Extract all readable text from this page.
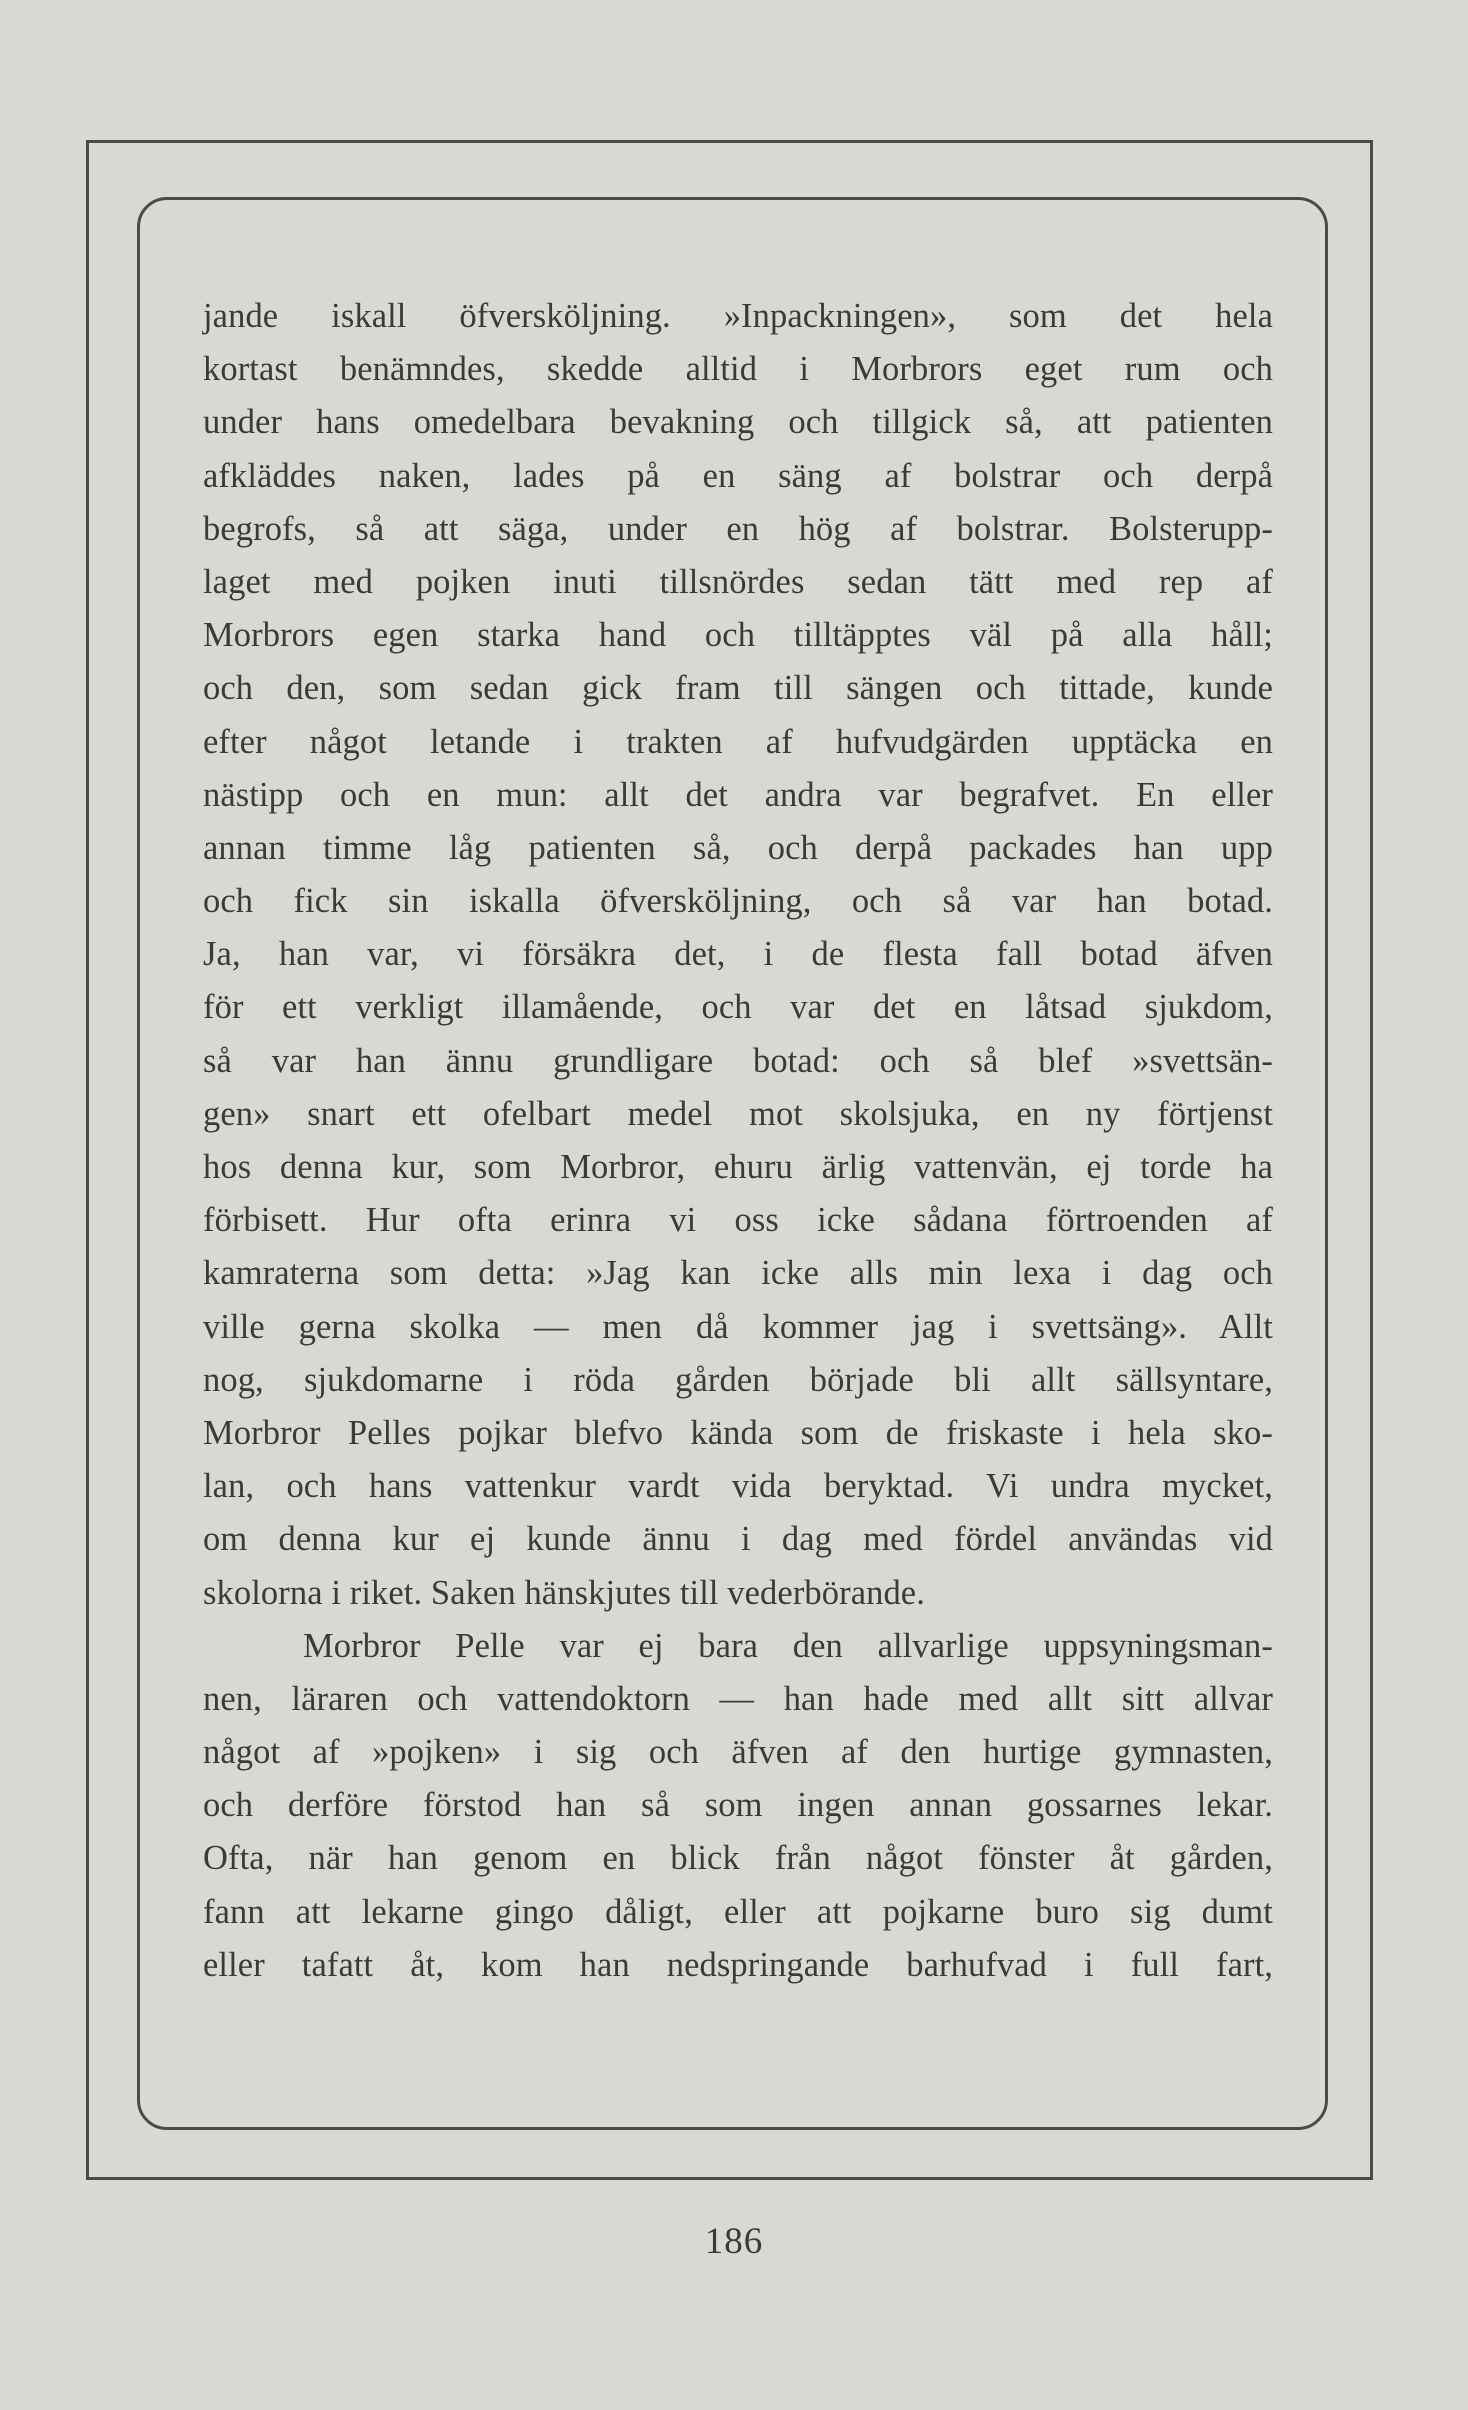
jande iskall öfversköljning. »Inpackningen», som det hela
kortast benämndes, skedde alltid i Morbrors eget rum och
under hans omedelbara bevakning och tillgick så, att patienten
afkläddes naken, lades på en säng af bolstrar och derpå
begrofs, så att säga, under en hög af bolstrar. Bolsterupp-
laget med pojken inuti tillsnördes sedan tätt med rep af
Morbrors egen starka hand och tilltäpptes väl på alla håll;
och den, som sedan gick fram till sängen och tittade, kunde
efter något letande i trakten af hufvudgärden upptäcka en
nästipp och en mun: allt det andra var begrafvet. En eller
annan timme låg patienten så, och derpå packades han upp
och fick sin iskalla öfversköljning, och så var han botad.
Ja, han var, vi försäkra det, i de flesta fall botad äfven
för ett verkligt illamående, och var det en låtsad sjukdom,
så var han ännu grundligare botad: och så blef »svettsän-
gen» snart ett ofelbart medel mot skolsjuka, en ny förtjenst
hos denna kur, som Morbror, ehuru ärlig vattenvän, ej torde ha
förbisett. Hur ofta erinra vi oss icke sådana förtroenden af
kamraterna som detta: »Jag kan icke alls min lexa i dag och
ville gerna skolka — men då kommer jag i svettsäng». Allt
nog, sjukdomarne i röda gården började bli allt sällsyntare,
Morbror Pelles pojkar blefvo kända som de friskaste i hela sko-
lan, och hans vattenkur vardt vida beryktad. Vi undra mycket,
om denna kur ej kunde ännu i dag med fördel användas vid
skolorna i riket. Saken hänskjutes till vederbörande.
Morbror Pelle var ej bara den allvarlige uppsyningsman-
nen, läraren och vattendoktorn — han hade med allt sitt allvar
något af »pojken» i sig och äfven af den hurtige gymnasten,
och derföre förstod han så som ingen annan gossarnes lekar.
Ofta, när han genom en blick från något fönster åt gården,
fann att lekarne gingo dåligt, eller att pojkarne buro sig dumt
eller tafatt åt, kom han nedspringande barhufvad i full fart,
186
